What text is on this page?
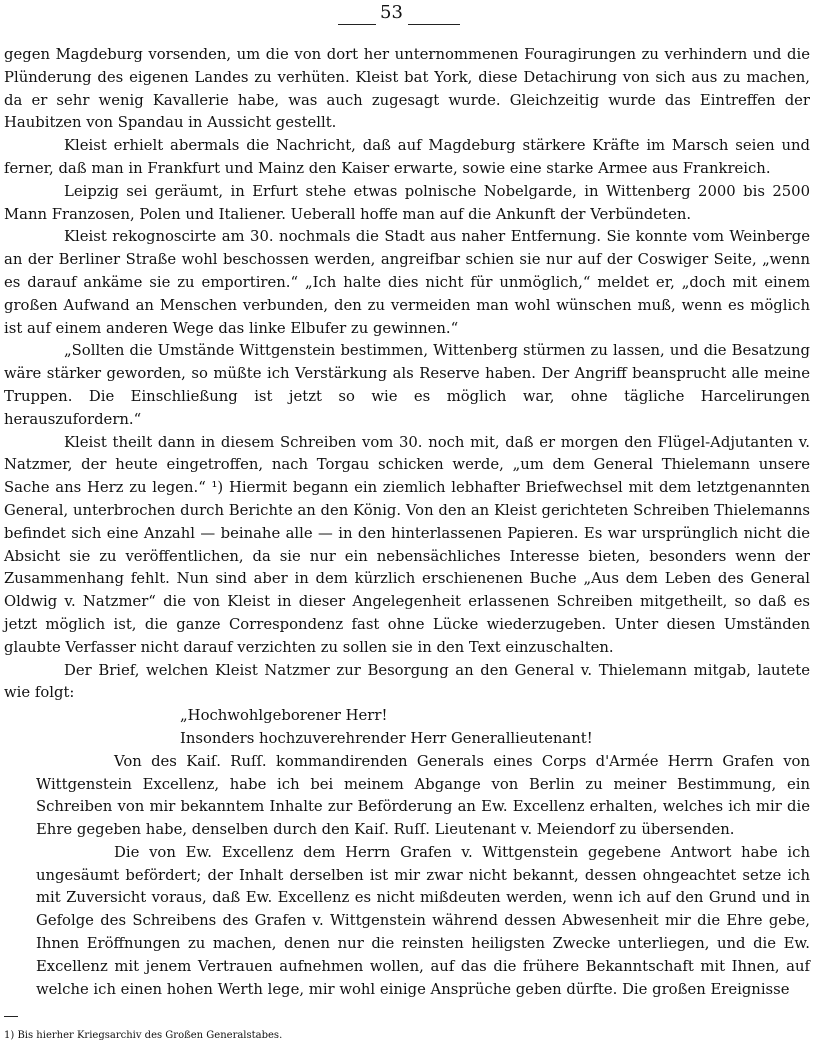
53

gegen Magdeburg vorsenden, um die von dort her unternommenen Fouragirungen zu verhindern und die Plünderung des eigenen Landes zu verhüten. Kleist bat York, diese Detachirung von sich aus zu machen, da er sehr wenig Kavallerie habe, was auch zugesagt wurde. Gleichzeitig wurde das Eintreffen der Haubitzen von Spandau in Aussicht gestellt.

Kleist erhielt abermals die Nachricht, daß auf Magdeburg stärkere Kräfte im Marsch seien und ferner, daß man in Frankfurt und Mainz den Kaiser erwarte, sowie eine starke Armee aus Frankreich.

Leipzig sei geräumt, in Erfurt stehe etwas polnische Nobelgarde, in Wittenberg 2000 bis 2500 Mann Franzosen, Polen und Italiener. Ueberall hoffe man auf die Ankunft der Verbündeten.

Kleist rekognoscirte am 30. nochmals die Stadt aus naher Entfernung. Sie konnte vom Weinberge an der Berliner Straße wohl beschossen werden, angreifbar schien sie nur auf der Coswiger Seite, „wenn es darauf ankäme sie zu emportiren.“ „Ich halte dies nicht für unmöglich,“ meldet er, „doch mit einem großen Aufwand an Menschen verbunden, den zu vermeiden man wohl wünschen muß, wenn es möglich ist auf einem anderen Wege das linke Elbufer zu gewinnen.“

„Sollten die Umstände Wittgenstein bestimmen, Wittenberg stürmen zu lassen, und die Besatzung wäre stärker geworden, so müßte ich Verstärkung als Reserve haben. Der Angriff beansprucht alle meine Truppen. Die Einschließung ist jetzt so wie es möglich war, ohne tägliche Harcelirungen herauszufordern.“

Kleist theilt dann in diesem Schreiben vom 30. noch mit, daß er morgen den Flügel-Adjutanten v. Natzmer, der heute eingetroffen, nach Torgau schicken werde, „um dem General Thielemann unsere Sache ans Herz zu legen.“ ¹) Hiermit begann ein ziemlich lebhafter Briefwechsel mit dem letztgenannten General, unterbrochen durch Berichte an den König. Von den an Kleist gerichteten Schreiben Thielemanns befindet sich eine Anzahl — beinahe alle — in den hinterlassenen Papieren. Es war ursprünglich nicht die Absicht sie zu veröffentlichen, da sie nur ein nebensächliches Interesse bieten, besonders wenn der Zusammenhang fehlt. Nun sind aber in dem kürzlich erschienenen Buche „Aus dem Leben des General Oldwig v. Natzmer“ die von Kleist in dieser Angelegenheit erlassenen Schreiben mitgetheilt, so daß es jetzt möglich ist, die ganze Correspondenz fast ohne Lücke wiederzugeben. Unter diesen Umständen glaubte Verfasser nicht darauf verzichten zu sollen sie in den Text einzuschalten.

Der Brief, welchen Kleist Natzmer zur Besorgung an den General v. Thielemann mitgab, lautete wie folgt:

„Hochwohlgeborener Herr!

Insonders hochzuverehrender Herr Generallieutenant!

Von des Kaiſ. Ruſſ. kommandirenden Generals eines Corps d'Armée Herrn Grafen von Wittgenstein Excellenz, habe ich bei meinem Abgange von Berlin zu meiner Bestimmung, ein Schreiben von mir bekanntem Inhalte zur Beförderung an Ew. Excellenz erhalten, welches ich mir die Ehre gegeben habe, denselben durch den Kaiſ. Ruſſ. Lieutenant v. Meiendorf zu übersenden.

Die von Ew. Excellenz dem Herrn Grafen v. Wittgenstein gegebene Antwort habe ich ungesäumt befördert; der Inhalt derselben ist mir zwar nicht bekannt, dessen ohngeachtet setze ich mit Zuversicht voraus, daß Ew. Excellenz es nicht mißdeuten werden, wenn ich auf den Grund und in Gefolge des Schreibens des Grafen v. Wittgenstein während dessen Abwesenheit mir die Ehre gebe, Ihnen Eröffnungen zu machen, denen nur die reinsten heiligsten Zwecke unterliegen, und die Ew. Excellenz mit jenem Vertrauen aufnehmen wollen, auf das die frühere Bekanntschaft mit Ihnen, auf welche ich einen hohen Werth lege, mir wohl einige Ansprüche geben dürfte. Die großen Ereignisse

1) Bis hierher Kriegsarchiv des Großen Generalstabes.
